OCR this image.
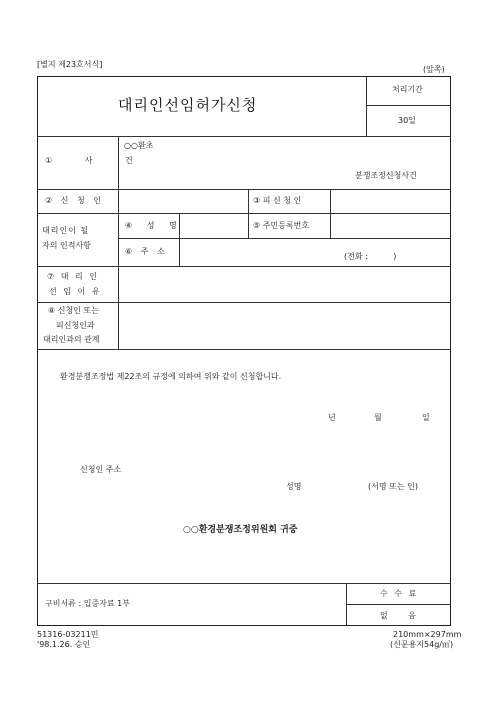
[별지 제23호서식]
(앞쪽)
대리인선임허가신청
처리기간
30일
① 사 건
○○환초
분쟁조정신청사건
② 신 청 인	③ 피 신 청 인
대리인이 될
자의 인적사항
④ 성 명	⑤ 주민등록번호
⑥ 주 소
(전화 :          )
⑦ 대 리 인
선 임 이 유
⑧ 신청인 또는
피신청인과
대리인과의 관계
환경분쟁조정법 제22조의 규정에 의하여 위와 같이 신청합니다.
년	월	일
신청인 주소
성명	(서명 또는 인)
○○환경분쟁조정위원회 귀중
구비서류 : 입증자료 1부
수 수 료
없 음
51316-03211민
'98.1.26. 승인
210mm×297mm
(신문용지54g/㎡)
